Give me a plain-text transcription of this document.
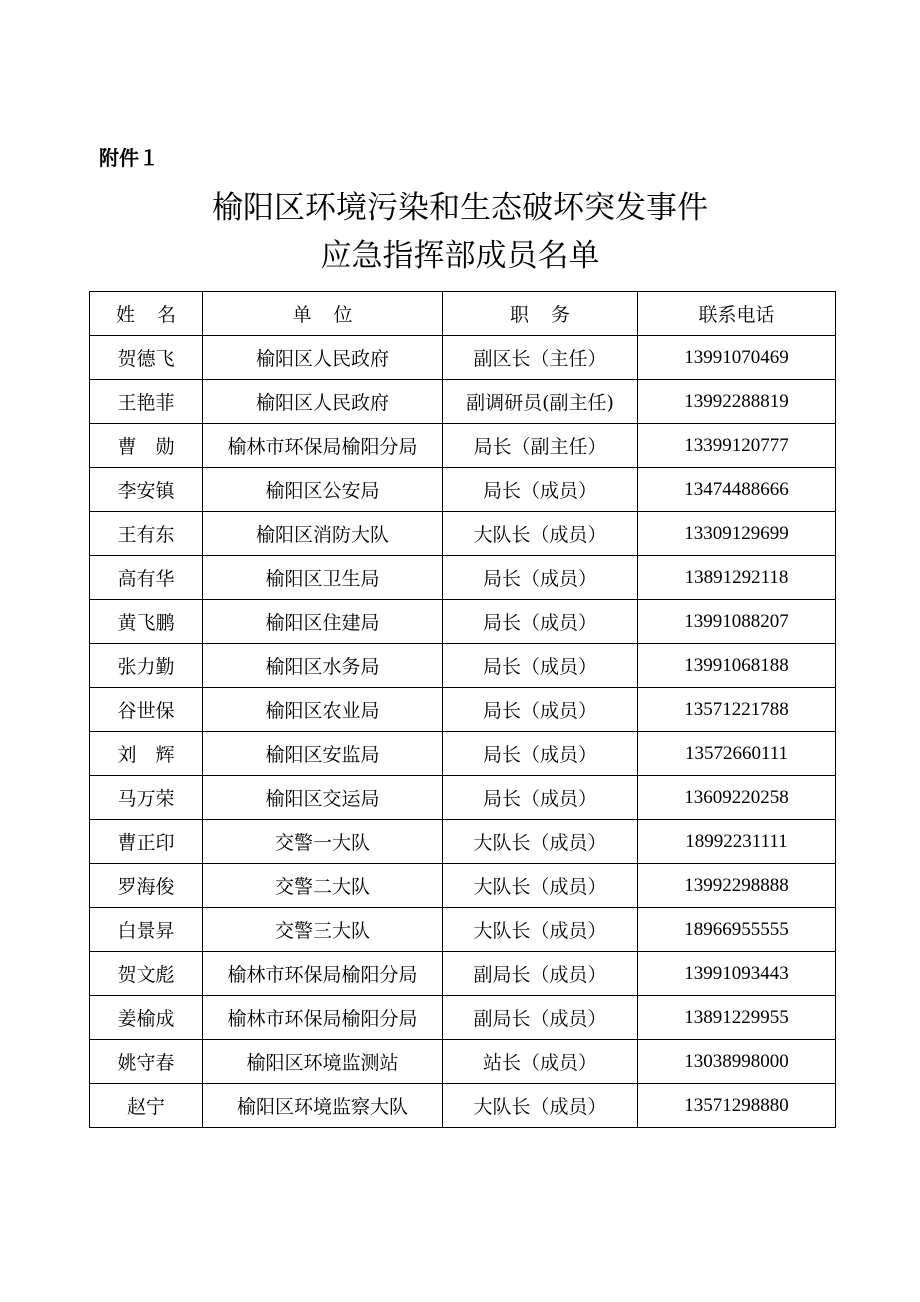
附件１

榆阳区环境污染和生态破坏突发事件
应急指挥部成员名单
姓名	单位	职务	联系电话
贺德飞	榆阳区人民政府	副区长（主任）	13991070469
王艳菲	榆阳区人民政府	副调研员(副主任)	13992288819
曹　勋	榆林市环保局榆阳分局	局长（副主任）	13399120777
李安镇	榆阳区公安局	局长（成员）	13474488666
王有东	榆阳区消防大队	大队长（成员）	13309129699
高有华	榆阳区卫生局	局长（成员）	13891292118
黄飞鹏	榆阳区住建局	局长（成员）	13991088207
张力勤	榆阳区水务局	局长（成员）	13991068188
谷世保	榆阳区农业局	局长（成员）	13571221788
刘　辉	榆阳区安监局	局长（成员）	13572660111
马万荣	榆阳区交运局	局长（成员）	13609220258
曹正印	交警一大队	大队长（成员）	18992231111
罗海俊	交警二大队	大队长（成员）	13992298888
白景昇	交警三大队	大队长（成员）	18966955555
贺文彪	榆林市环保局榆阳分局	副局长（成员）	13991093443
姜榆成	榆林市环保局榆阳分局	副局长（成员）	13891229955
姚守春	榆阳区环境监测站	站长（成员）	13038998000
赵宁	榆阳区环境监察大队	大队长（成员）	13571298880
